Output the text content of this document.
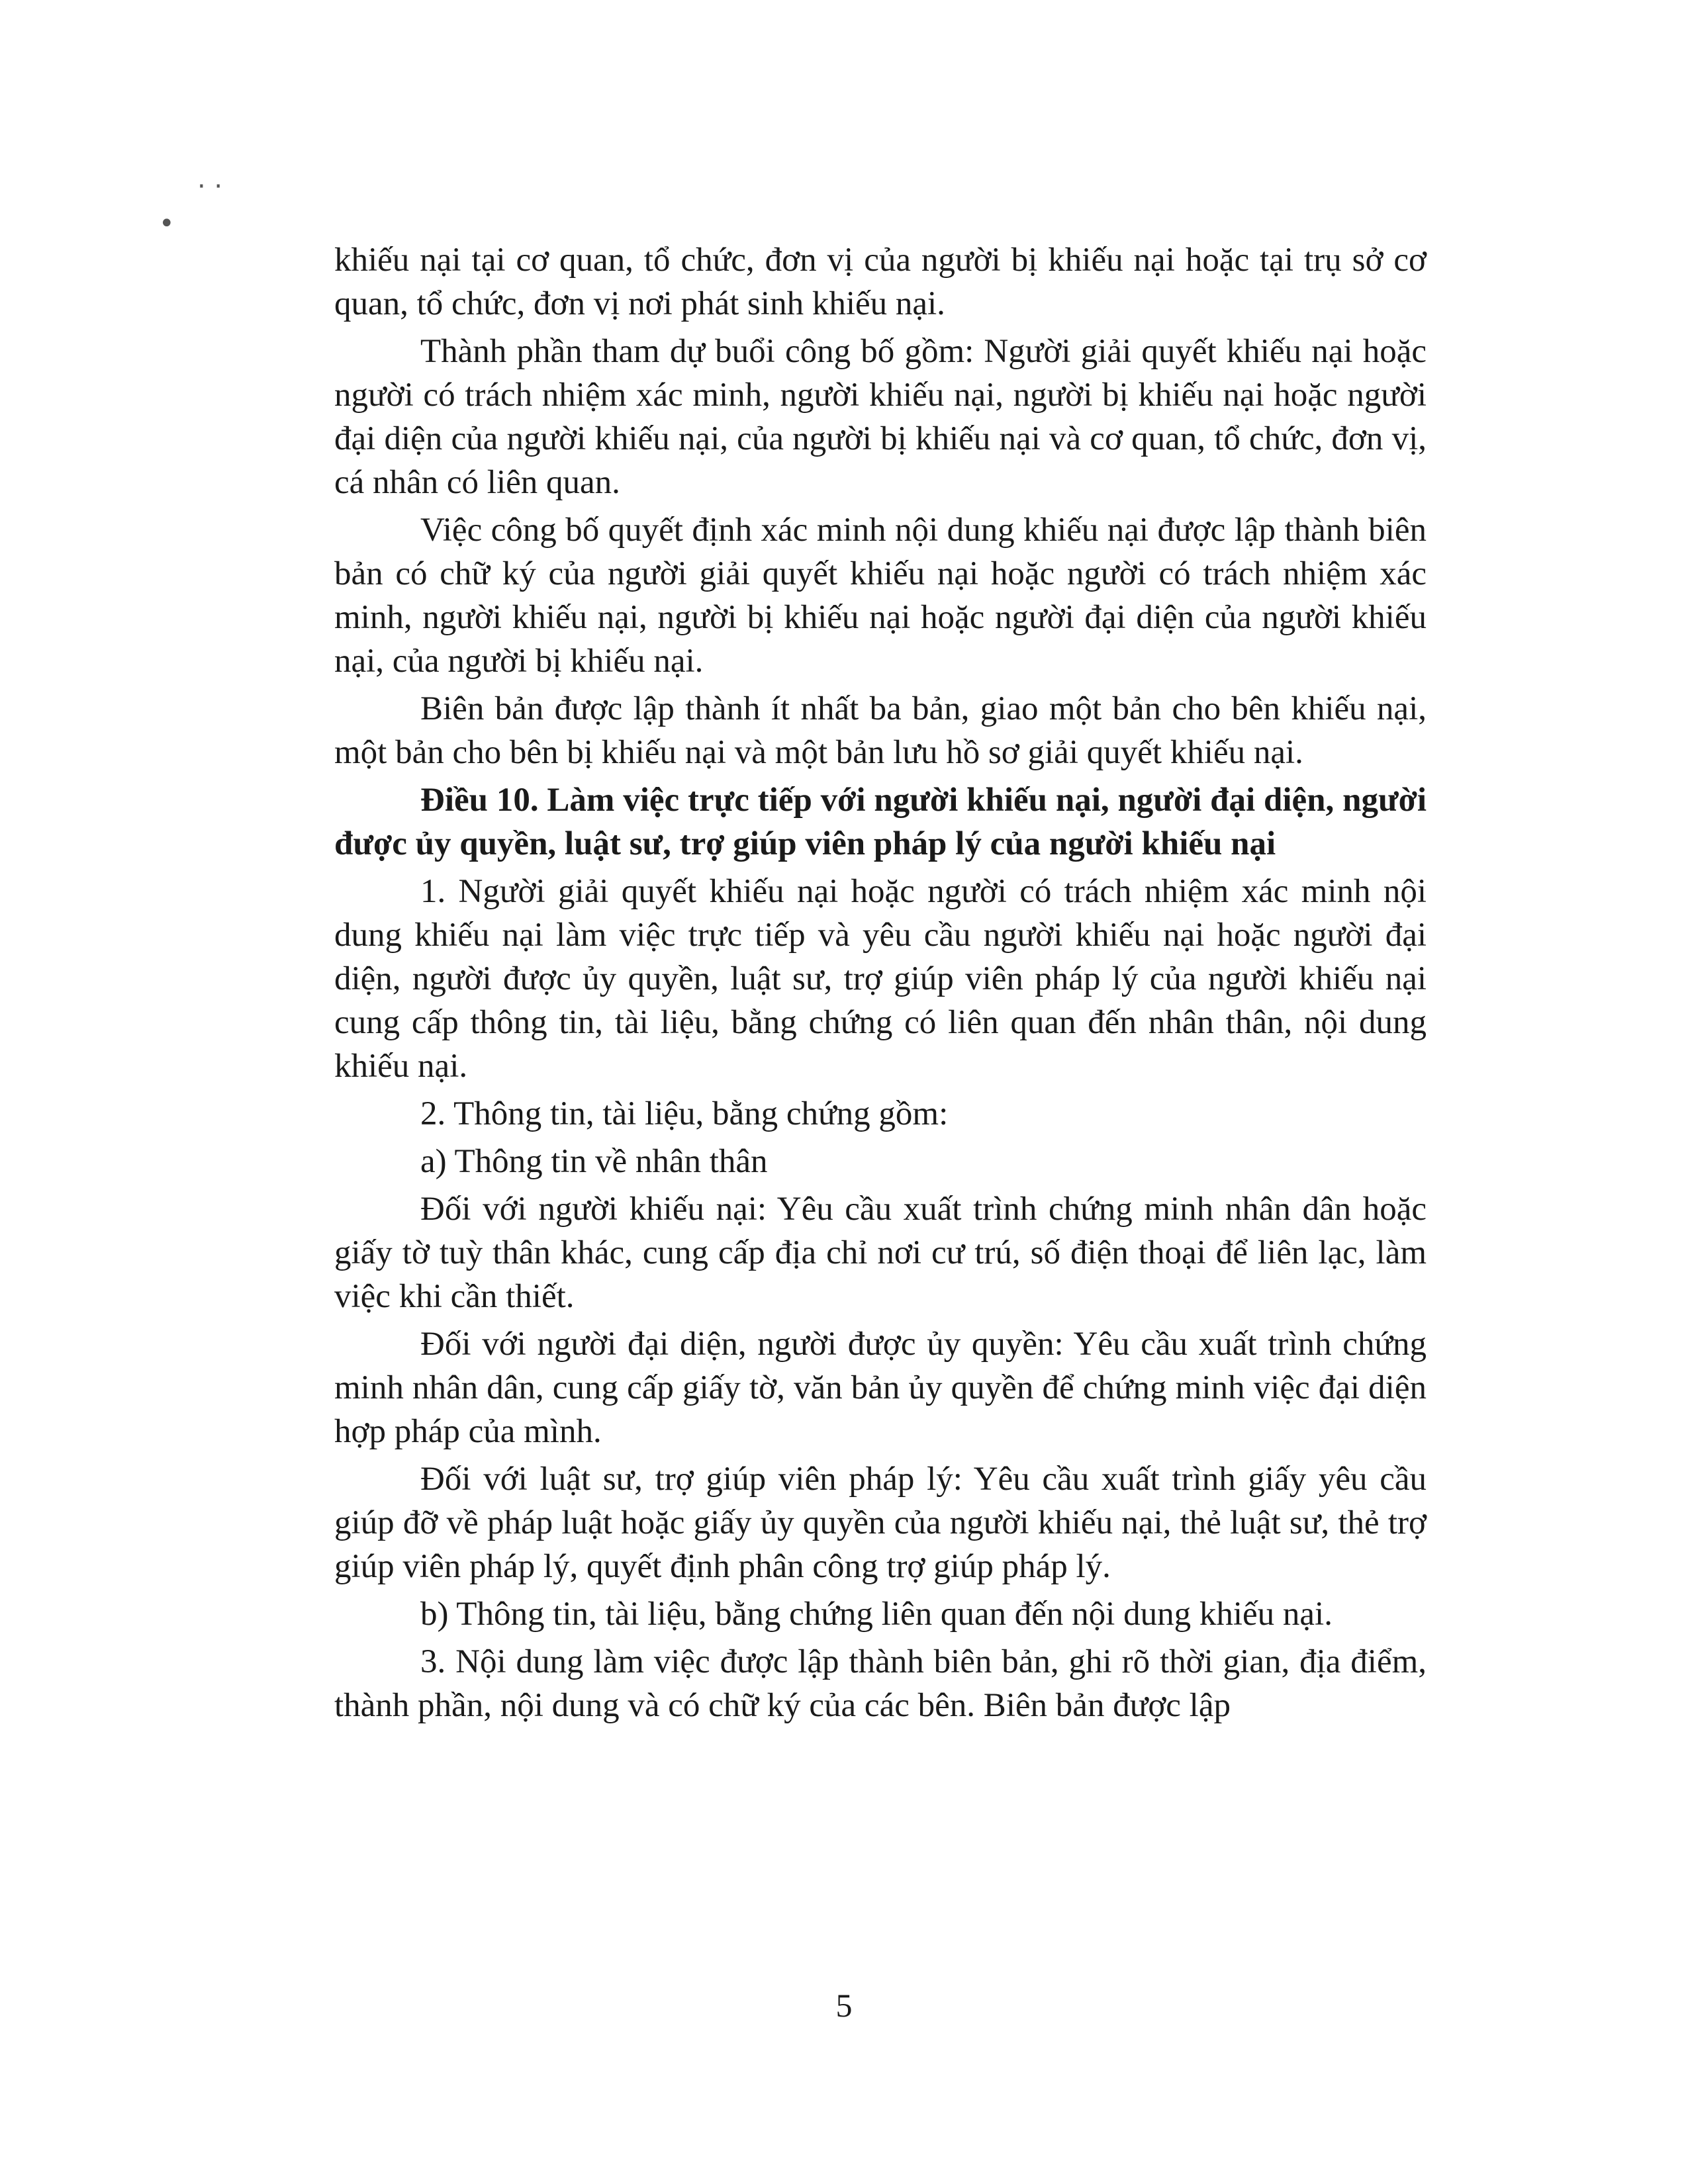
· ·
•

khiếu nại tại cơ quan, tổ chức, đơn vị của người bị khiếu nại hoặc tại trụ sở cơ quan, tổ chức, đơn vị nơi phát sinh khiếu nại.

Thành phần tham dự buổi công bố gồm: Người giải quyết khiếu nại hoặc người có trách nhiệm xác minh, người khiếu nại, người bị khiếu nại hoặc người đại diện của người khiếu nại, của người bị khiếu nại và cơ quan, tổ chức, đơn vị, cá nhân có liên quan.

Việc công bố quyết định xác minh nội dung khiếu nại được lập thành biên bản có chữ ký của người giải quyết khiếu nại hoặc người có trách nhiệm xác minh, người khiếu nại, người bị khiếu nại hoặc người đại diện của người khiếu nại, của người bị khiếu nại.

Biên bản được lập thành ít nhất ba bản, giao một bản cho bên khiếu nại, một bản cho bên bị khiếu nại và một bản lưu hồ sơ giải quyết khiếu nại.

Điều 10. Làm việc trực tiếp với người khiếu nại, người đại diện, người được ủy quyền, luật sư, trợ giúp viên pháp lý của người khiếu nại

1. Người giải quyết khiếu nại hoặc người có trách nhiệm xác minh nội dung khiếu nại làm việc trực tiếp và yêu cầu người khiếu nại hoặc người đại diện, người được ủy quyền, luật sư, trợ giúp viên pháp lý của người khiếu nại cung cấp thông tin, tài liệu, bằng chứng có liên quan đến nhân thân, nội dung khiếu nại.

2. Thông tin, tài liệu, bằng chứng gồm:

a) Thông tin về nhân thân

Đối với người khiếu nại: Yêu cầu xuất trình chứng minh nhân dân hoặc giấy tờ tuỳ thân khác, cung cấp địa chỉ nơi cư trú, số điện thoại để liên lạc, làm việc khi cần thiết.

Đối với người đại diện, người được ủy quyền: Yêu cầu xuất trình chứng minh nhân dân, cung cấp giấy tờ, văn bản ủy quyền để chứng minh việc đại diện hợp pháp của mình.

Đối với luật sư, trợ giúp viên pháp lý: Yêu cầu xuất trình giấy yêu cầu giúp đỡ về pháp luật hoặc giấy ủy quyền của người khiếu nại, thẻ luật sư, thẻ trợ giúp viên pháp lý, quyết định phân công trợ giúp pháp lý.

b) Thông tin, tài liệu, bằng chứng liên quan đến nội dung khiếu nại.

3. Nội dung làm việc được lập thành biên bản, ghi rõ thời gian, địa điểm, thành phần, nội dung và có chữ ký của các bên. Biên bản được lập

5
